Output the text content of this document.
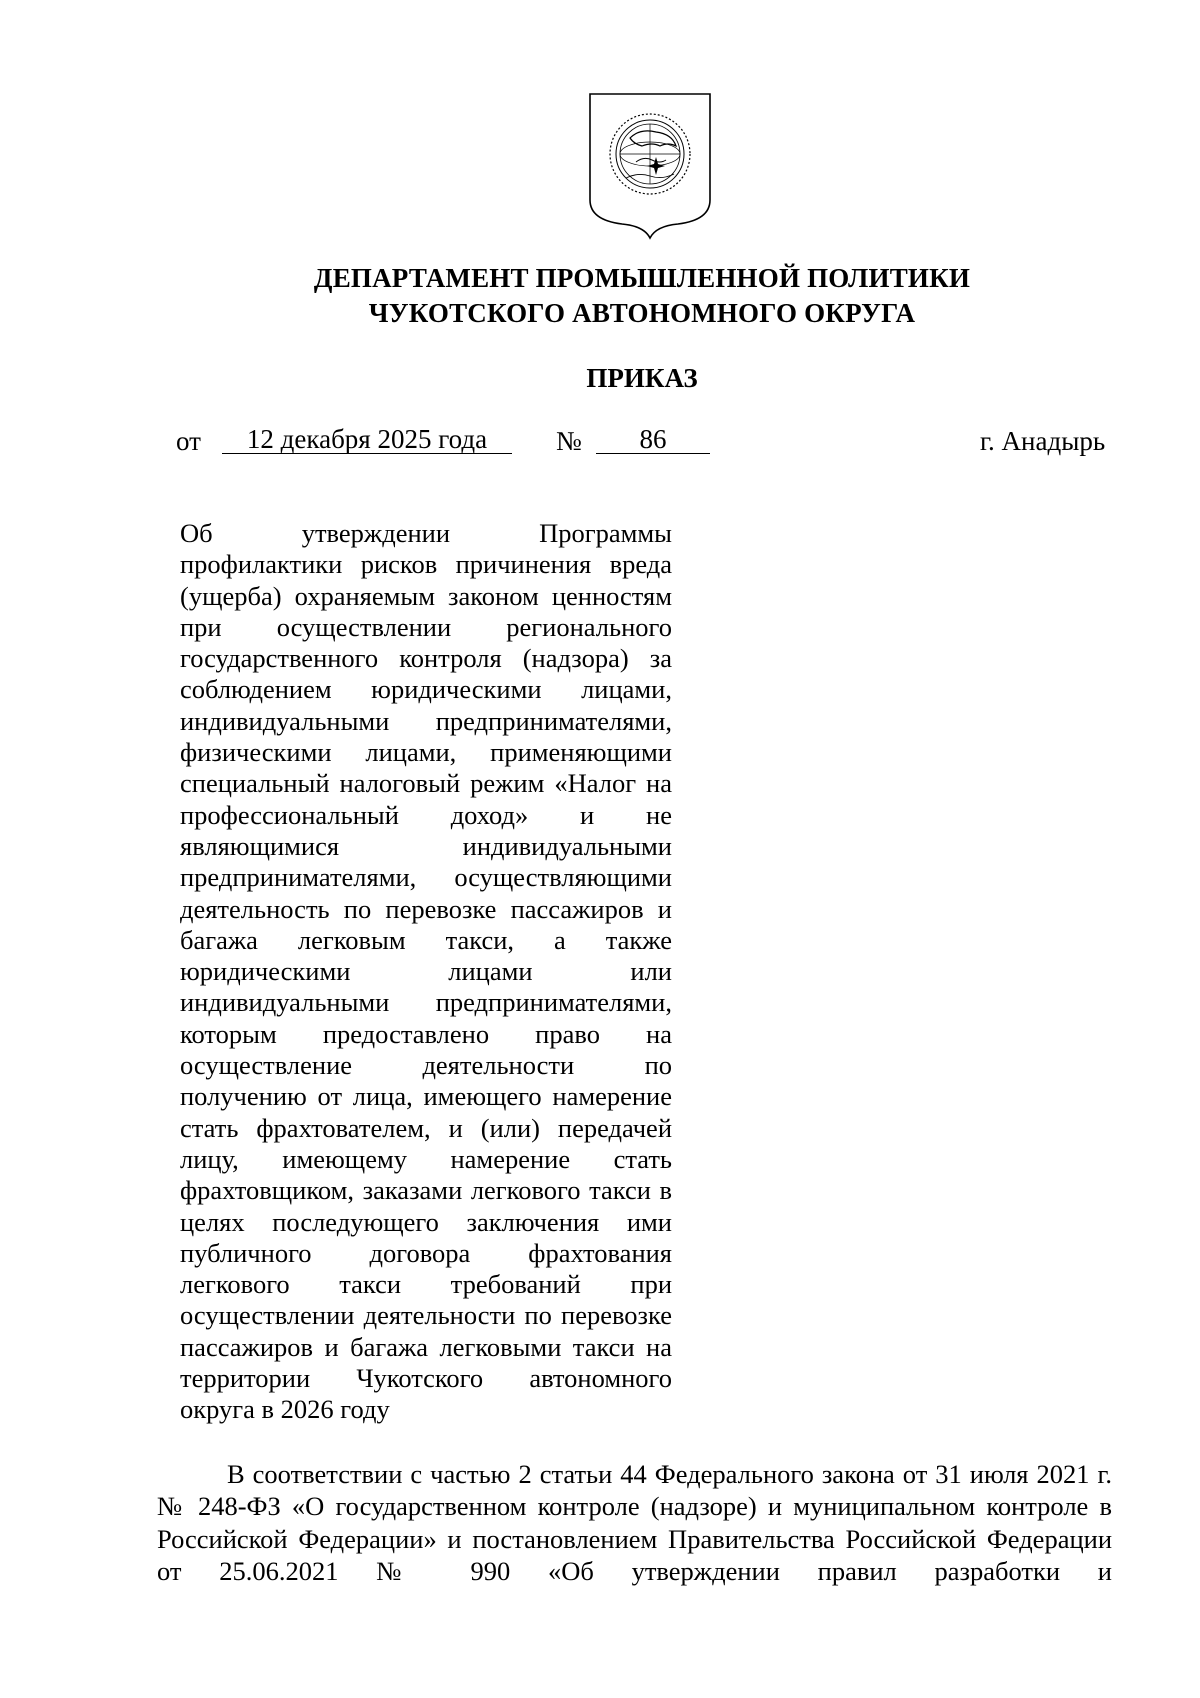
ДЕПАРТАМЕНТ ПРОМЫШЛЕННОЙ ПОЛИТИКИ
ЧУКОТСКОГО АВТОНОМНОГО ОКРУГА
ПРИКАЗ
от	12 декабря 2025 года	№	86	г. Анадырь

Об утверждении Программы профилактики рисков причинения вреда (ущерба) охраняемым законом ценностям при осуществлении регионального государственного контроля (надзора) за соблюдением юридическими лицами, индивидуальными предпринимателями, физическими лицами, применяющими специальный налоговый режим «Налог на профессиональный доход» и не являющимися индивидуальными предпринимателями, осуществляющими деятельность по перевозке пассажиров и багажа легковым такси, а также юридическими лицами или индивидуальными предпринимателями, которым предоставлено право на осуществление деятельности по получению от лица, имеющего намерение стать фрахтователем, и (или) передачей лицу, имеющему намерение стать фрахтовщиком, заказами легкового такси в целях последующего заключения ими публичного договора фрахтования легкового такси требований при осуществлении деятельности по перевозке пассажиров и багажа легковыми такси на территории Чукотского автономного округа в 2026 году

В соответствии с частью 2 статьи 44 Федерального закона от 31 июля 2021 г. № 248-ФЗ «О государственном контроле (надзоре) и муниципальном контроле в Российской Федерации» и постановлением Правительства Российской Федерации от 25.06.2021 № 990 «Об утверждении правил разработки и
